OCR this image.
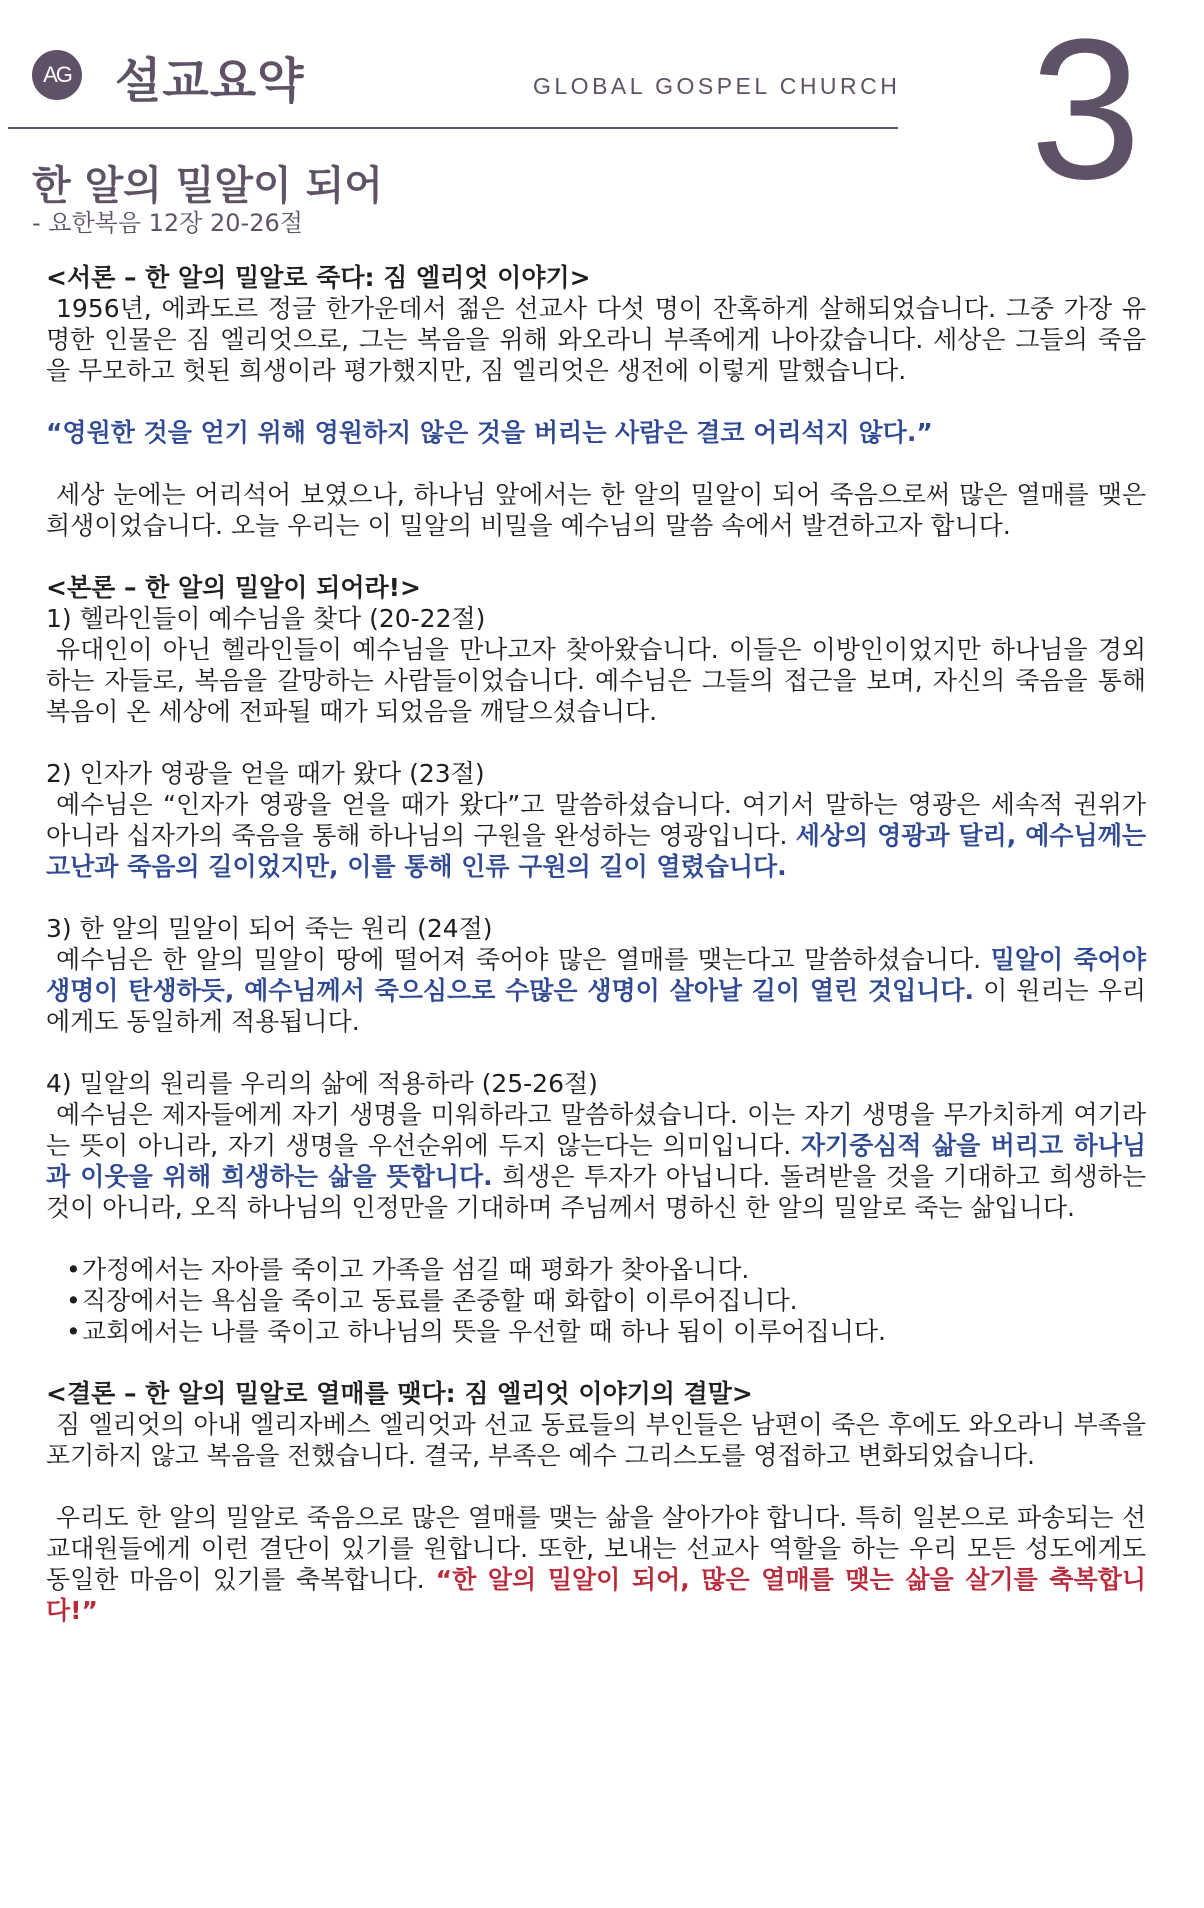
AG 설교요약	GLOBAL GOSPEL CHURCH 3
한 알의 밀알이 되어
- 요한복음 12장 20-26절

<서론 – 한 알의 밀알로 죽다: 짐 엘리엇 이야기>

1956년, 에콰도르 정글 한가운데서 젊은 선교사 다섯 명이 잔혹하게 살해되었습니다. 그중 가장 유명한 인물은 짐 엘리엇으로, 그는 복음을 위해 와오라니 부족에게 나아갔습니다. 세상은 그들의 죽음을 무모하고 헛된 희생이라 평가했지만, 짐 엘리엇은 생전에 이렇게 말했습니다.

“영원한 것을 얻기 위해 영원하지 않은 것을 버리는 사람은 결코 어리석지 않다.”

세상 눈에는 어리석어 보였으나, 하나님 앞에서는 한 알의 밀알이 되어 죽음으로써 많은 열매를 맺은 희생이었습니다. 오늘 우리는 이 밀알의 비밀을 예수님의 말씀 속에서 발견하고자 합니다.

<본론 – 한 알의 밀알이 되어라!>

1) 헬라인들이 예수님을 찾다 (20-22절)

유대인이 아닌 헬라인들이 예수님을 만나고자 찾아왔습니다. 이들은 이방인이었지만 하나님을 경외하는 자들로, 복음을 갈망하는 사람들이었습니다. 예수님은 그들의 접근을 보며, 자신의 죽음을 통해 복음이 온 세상에 전파될 때가 되었음을 깨달으셨습니다.

2) 인자가 영광을 얻을 때가 왔다 (23절)

예수님은 “인자가 영광을 얻을 때가 왔다”고 말씀하셨습니다. 여기서 말하는 영광은 세속적 권위가 아니라 십자가의 죽음을 통해 하나님의 구원을 완성하는 영광입니다. 세상의 영광과 달리, 예수님께는 고난과 죽음의 길이었지만, 이를 통해 인류 구원의 길이 열렸습니다.

3) 한 알의 밀알이 되어 죽는 원리 (24절)

예수님은 한 알의 밀알이 땅에 떨어져 죽어야 많은 열매를 맺는다고 말씀하셨습니다. 밀알이 죽어야 생명이 탄생하듯, 예수님께서 죽으심으로 수많은 생명이 살아날 길이 열린 것입니다. 이 원리는 우리에게도 동일하게 적용됩니다.

4) 밀알의 원리를 우리의 삶에 적용하라 (25-26절)

예수님은 제자들에게 자기 생명을 미워하라고 말씀하셨습니다. 이는 자기 생명을 무가치하게 여기라는 뜻이 아니라, 자기 생명을 우선순위에 두지 않는다는 의미입니다. 자기중심적 삶을 버리고 하나님과 이웃을 위해 희생하는 삶을 뜻합니다. 희생은 투자가 아닙니다. 돌려받을 것을 기대하고 희생하는 것이 아니라, 오직 하나님의 인정만을 기대하며 주님께서 명하신 한 알의 밀알로 죽는 삶입니다.

• 가정에서는 자아를 죽이고 가족을 섬길 때 평화가 찾아옵니다.
• 직장에서는 욕심을 죽이고 동료를 존중할 때 화합이 이루어집니다.
• 교회에서는 나를 죽이고 하나님의 뜻을 우선할 때 하나 됨이 이루어집니다.

<결론 – 한 알의 밀알로 열매를 맺다: 짐 엘리엇 이야기의 결말>

짐 엘리엇의 아내 엘리자베스 엘리엇과 선교 동료들의 부인들은 남편이 죽은 후에도 와오라니 부족을 포기하지 않고 복음을 전했습니다. 결국, 부족은 예수 그리스도를 영접하고 변화되었습니다.

우리도 한 알의 밀알로 죽음으로 많은 열매를 맺는 삶을 살아가야 합니다. 특히 일본으로 파송되는 선교대원들에게 이런 결단이 있기를 원합니다. 또한, 보내는 선교사 역할을 하는 우리 모든 성도에게도 동일한 마음이 있기를 축복합니다. “한 알의 밀알이 되어, 많은 열매를 맺는 삶을 살기를 축복합니다!”
